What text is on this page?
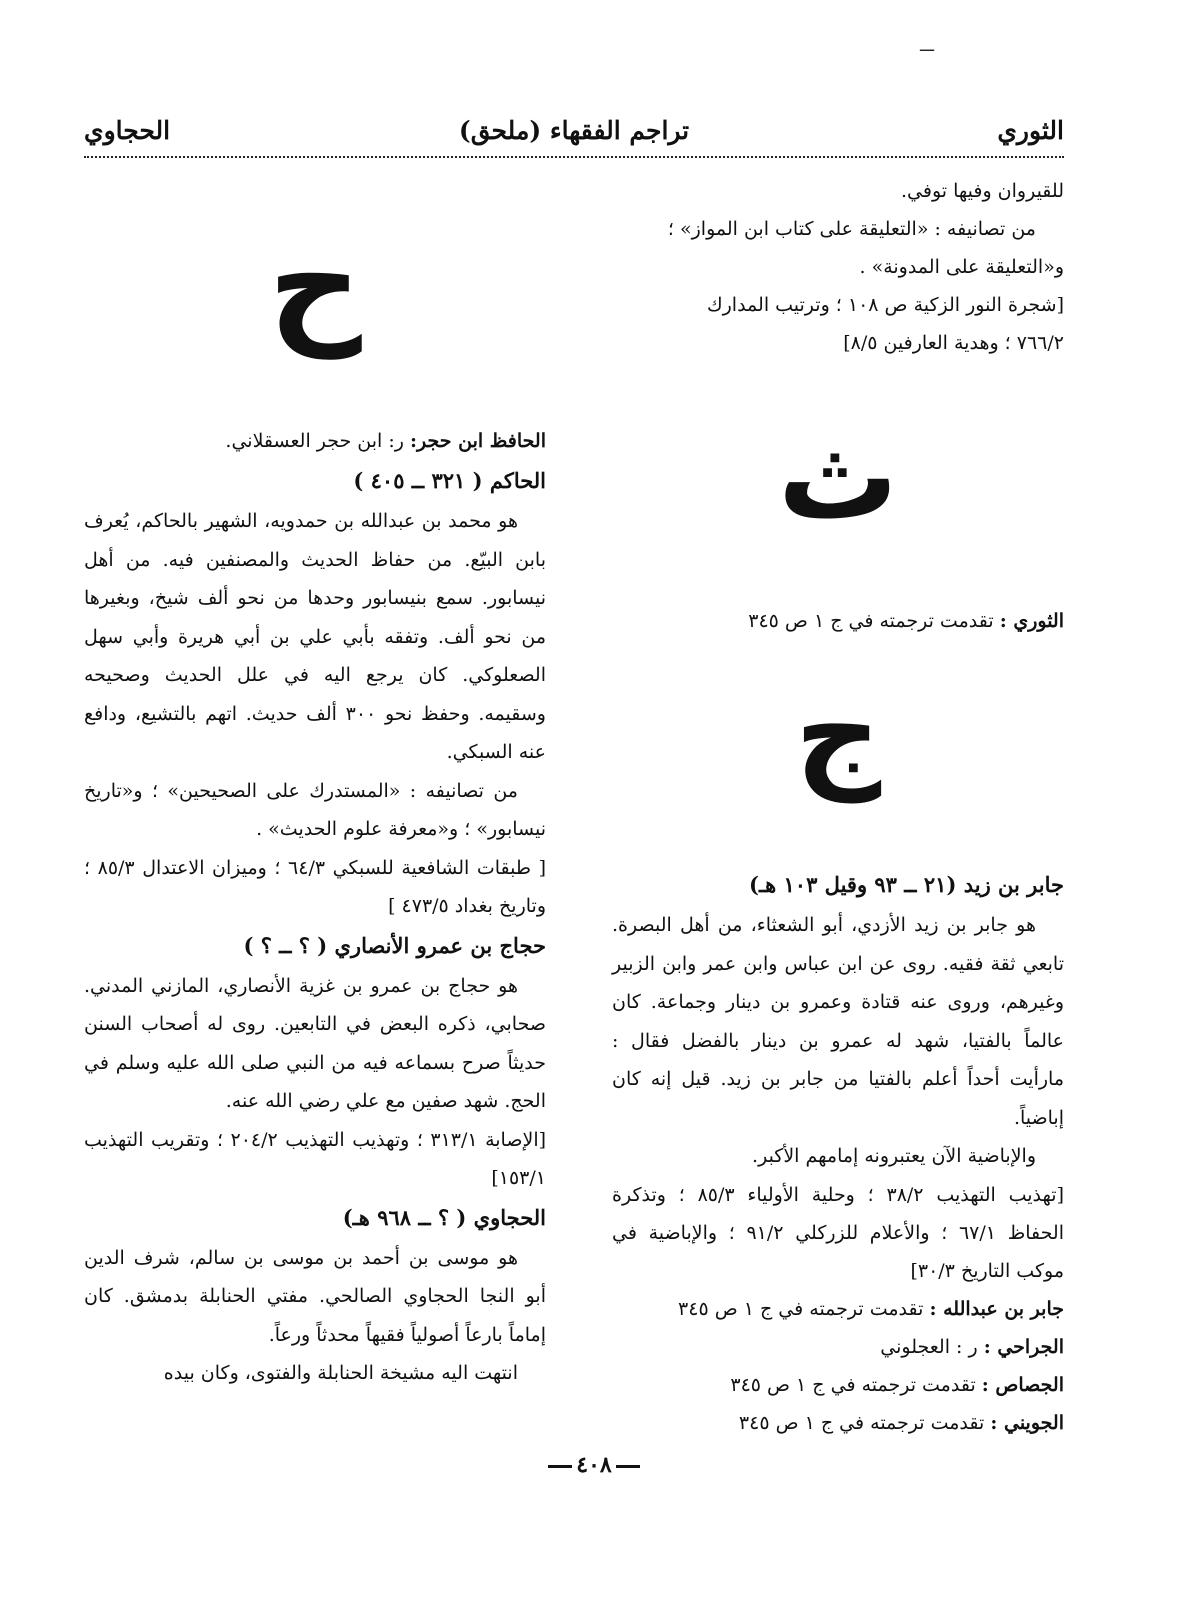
ـــ
الثوري
(ملحق) تراجم الفقهاء
الحجاوي
للقيروان وفيها توفي.
من تصانيفه : «التعليقة على كتاب ابن المواز» ؛
و«التعليقة على المدونة» .
[شجرة النور الزكية ص ١٠٨ ؛ وترتيب المدارك
٧٦٦/٢ ؛ وهدية العارفين ٨/٥]
ث
الثوري : تقدمت ترجمته في ج ١ ص ٣٤٥
ج
جابر بن زيد (٢١ ــ ٩٣ وقيل ١٠٣ هـ)

هو جابر بن زيد الأزدي، أبو الشعثاء، من أهل البصرة. تابعي ثقة فقيه. روى عن ابن عباس وابن عمر وابن الزبير وغيرهم، وروى عنه قتادة وعمرو بن دينار وجماعة. كان عالماً بالفتيا، شهد له عمرو بن دينار بالفضل فقال : مارأيت أحداً أعلم بالفتيا من جابر بن زيد. قيل إنه كان إباضياً.

والإباضية الآن يعتبرونه إمامهم الأكبر.

[تهذيب التهذيب ٣٨/٢ ؛ وحلية الأولياء ٨٥/٣ ؛ وتذكرة الحفاظ ٦٧/١ ؛ والأعلام للزركلي ٩١/٢ ؛ والإباضية في موكب التاريخ ٣٠/٣]

جابر بن عبدالله : تقدمت ترجمته في ج ١ ص ٣٤٥
الجراحي : ر : العجلوني
الجصاص : تقدمت ترجمته في ج ١ ص ٣٤٥
الجويني : تقدمت ترجمته في ج ١ ص ٣٤٥
ح
الحافظ ابن حجر: ر: ابن حجر العسقلاني.
الحاكم ( ٣٢١ ــ ٤٠٥ )

هو محمد بن عبدالله بن حمدويه، الشهير بالحاكم، يُعرف بابن البيّع. من حفاظ الحديث والمصنفين فيه. من أهل نيسابور. سمع بنيسابور وحدها من نحو ألف شيخ، وبغيرها من نحو ألف. وتفقه بأبي علي بن أبي هريرة وأبي سهل الصعلوكي. كان يرجع اليه في علل الحديث وصحيحه وسقيمه. وحفظ نحو ٣٠٠ ألف حديث. اتهم بالتشيع، ودافع عنه السبكي.

من تصانيفه : «المستدرك على الصحيحين» ؛ و«تاريخ نيسابور» ؛ و«معرفة علوم الحديث» .

[ طبقات الشافعية للسبكي ٦٤/٣ ؛ وميزان الاعتدال ٨٥/٣ ؛ وتاريخ بغداد ٤٧٣/٥ ]

حجاج بن عمرو الأنصاري ( ؟ ــ ؟ )

هو حجاج بن عمرو بن غزية الأنصاري، المازني المدني. صحابي، ذكره البعض في التابعين. روى له أصحاب السنن حديثاً صرح بسماعه فيه من النبي صلى الله عليه وسلم في الحج. شهد صفين مع علي رضي الله عنه.

[الإصابة ٣١٣/١ ؛ وتهذيب التهذيب ٢٠٤/٢ ؛ وتقريب التهذيب ١٥٣/١]

الحجاوي ( ؟ ــ ٩٦٨ هـ)

هو موسى بن أحمد بن موسى بن سالم، شرف الدين أبو النجا الحجاوي الصالحي. مفتي الحنابلة بدمشق. كان إماماً بارعاً أصولياً فقيهاً محدثاً ورعاً.

انتهت اليه مشيخة الحنابلة والفتوى، وكان بيده

٤٠٨
